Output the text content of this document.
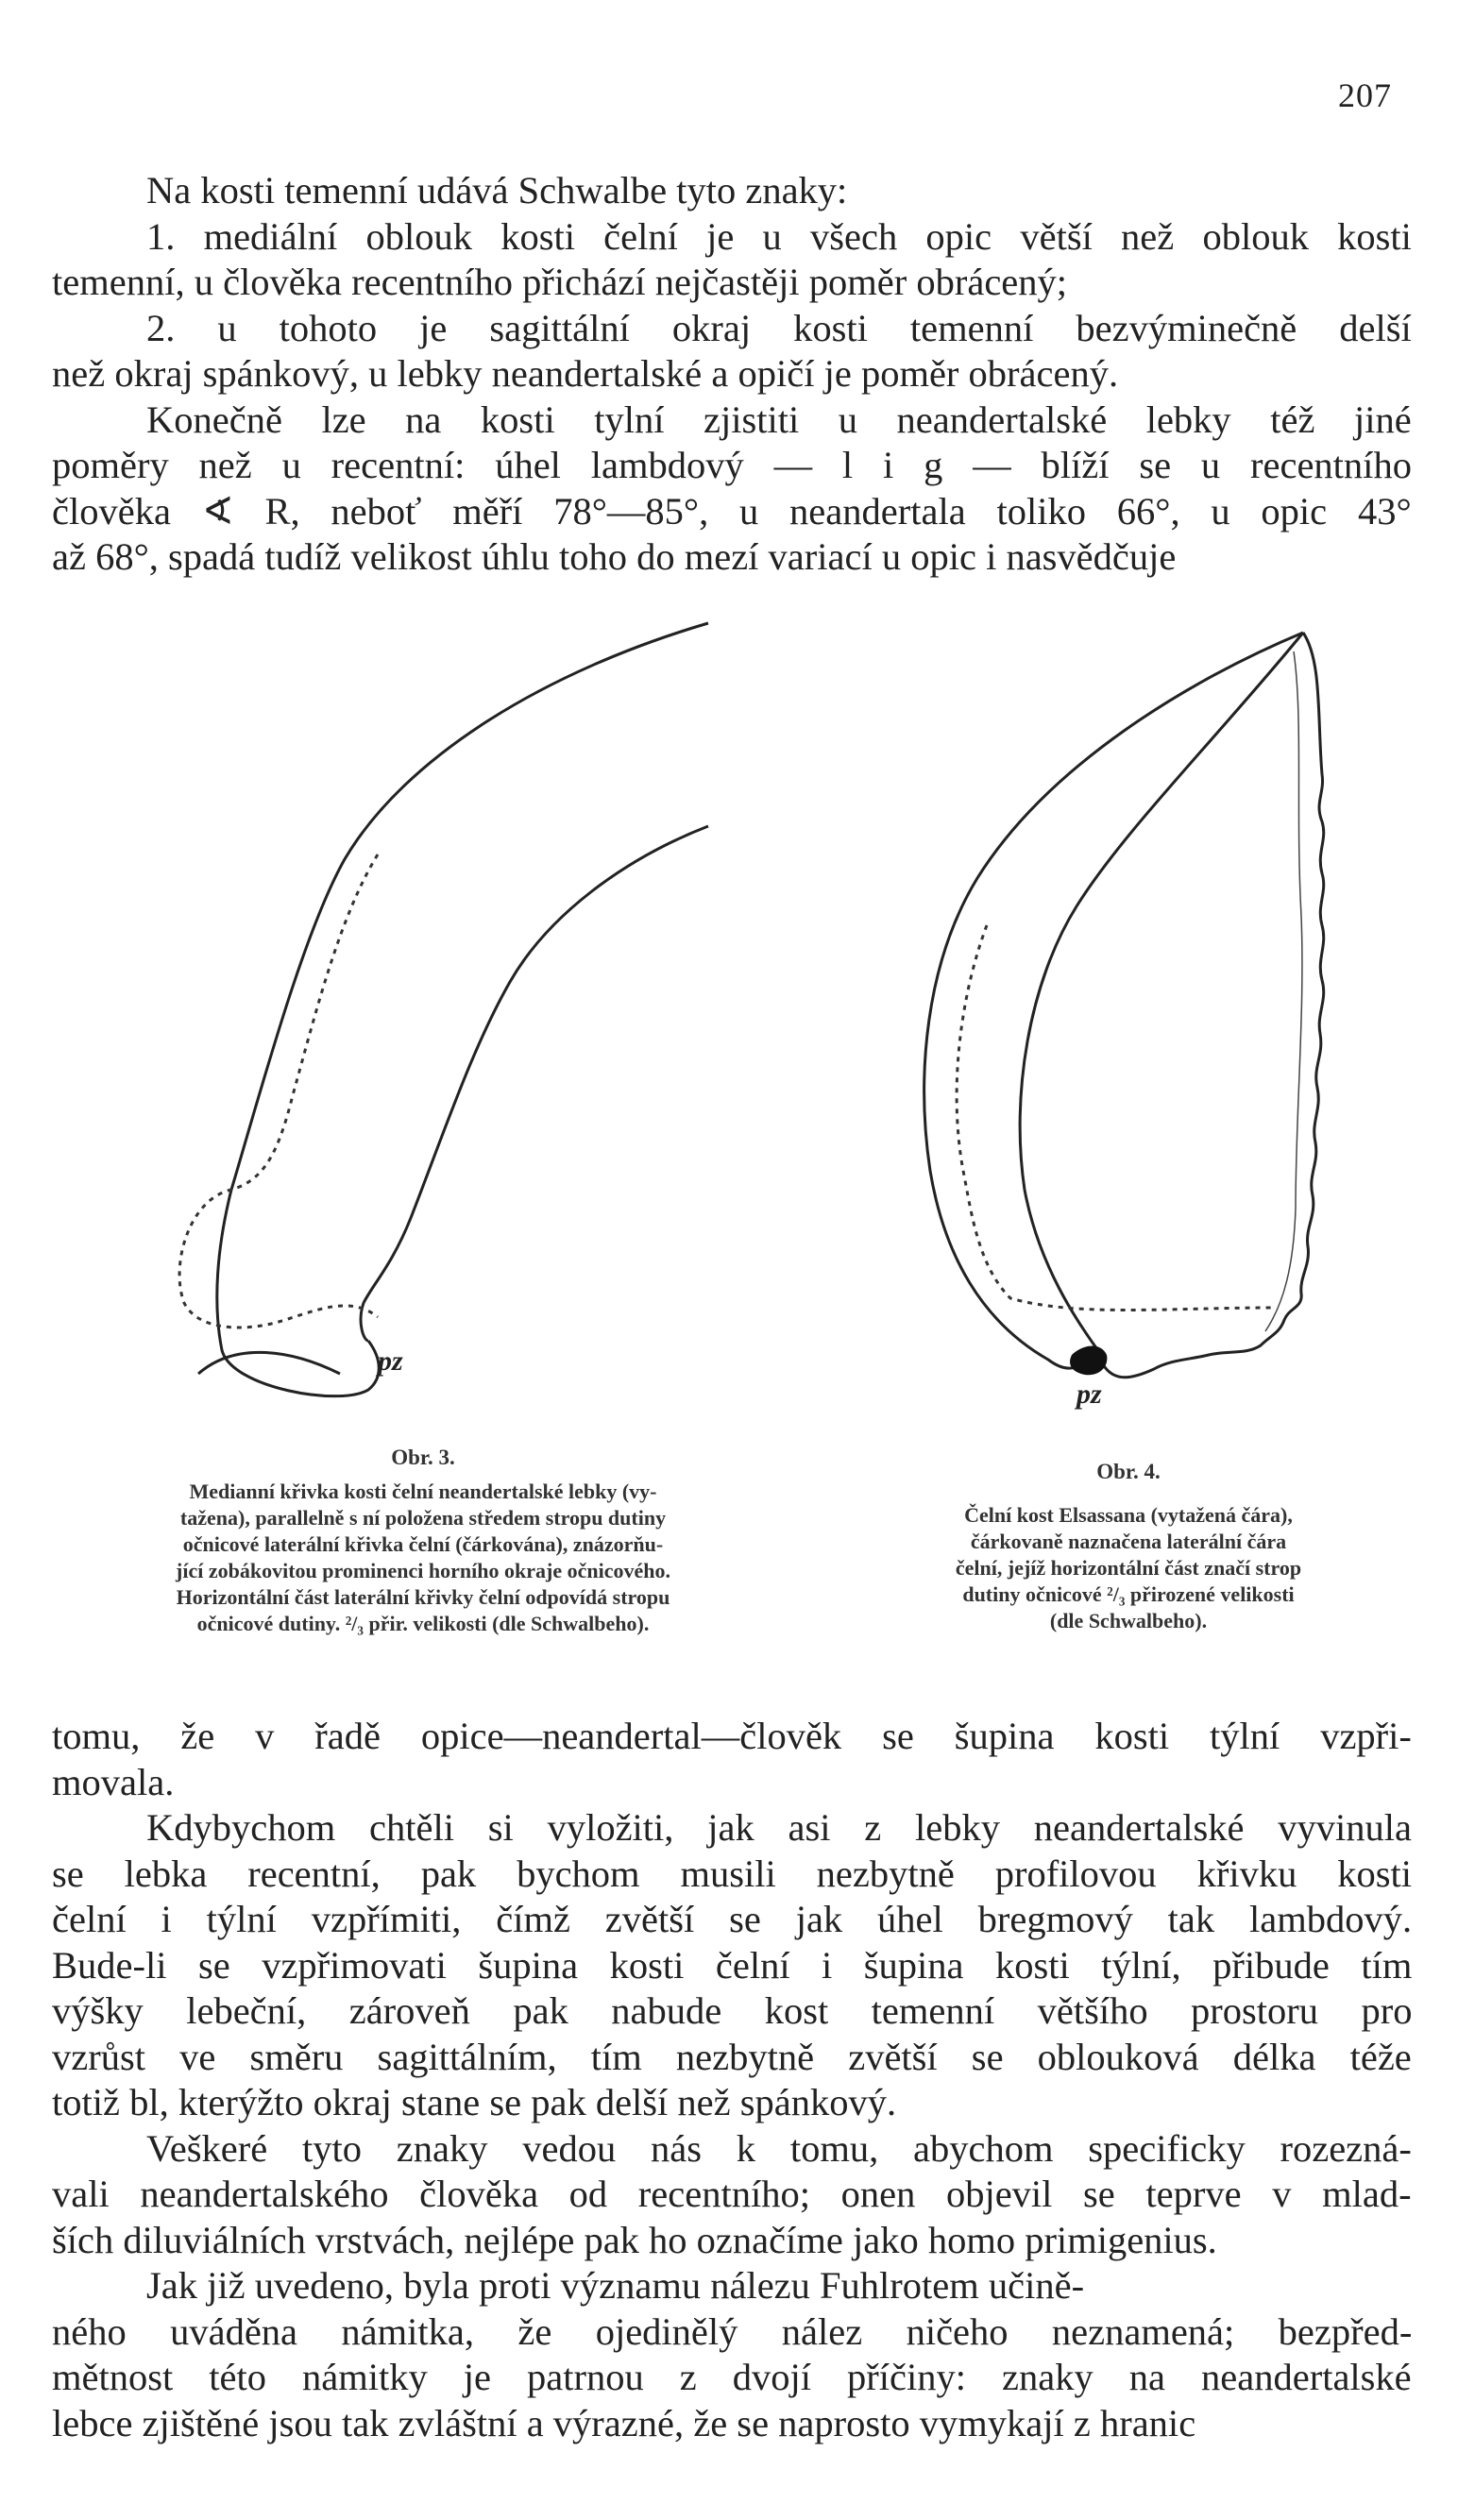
207
Na kosti temenní udává Schwalbe tyto znaky:
1. mediální oblouk kosti čelní je u všech opic větší než oblouk kosti
temenní, u člověka recentního přichází nejčastěji poměr obrácený;
2. u tohoto je sagittální okraj kosti temenní bezvýminečně delší
než okraj spánkový, u lebky neandertalské a opičí je poměr obrácený.
Konečně lze na kosti tylní zjistiti u neandertalské lebky též jiné
poměry než u recentní: úhel lambdový — l i g — blíží se u recentního
člověka ∢ R, neboť měří 78°—85°, u neandertala toliko 66°, u opic 43°
až 68°, spadá tudíž velikost úhlu toho do mezí variací u opic i nasvědčuje
pz
Obr. 3.
Medianní křivka kosti čelní neandertalské lebky (vy-
tažena), parallelně s ní položena středem stropu dutiny
očnicové laterální křivka čelní (čárkována), znázorňu-
jící zobákovitou prominenci horního okraje očnicového.
Horizontální část laterální křivky čelní odpovídá stropu
očnicové dutiny. ²/₃ přir. velikosti (dle Schwalbeho).
pz
Obr. 4.
Čelní kost Elsassana (vytažená čára),
čárkovaně naznačena laterální čára
čelní, jejíž horizontální část značí strop
dutiny očnicové ²/₃ přirozené velikosti
(dle Schwalbeho).
tomu, že v řadě opice—neandertal—člověk se šupina kosti týlní vzpři-
movala.
Kdybychom chtěli si vyložiti, jak asi z lebky neandertalské vyvinula
se lebka recentní, pak bychom musili nezbytně profilovou křivku kosti
čelní i týlní vzpřímiti, čímž zvětší se jak úhel bregmový tak lambdový.
Bude-li se vzpřimovati šupina kosti čelní i šupina kosti týlní, přibude tím
výšky lebeční, zároveň pak nabude kost temenní většího prostoru pro
vzrůst ve směru sagittálním, tím nezbytně zvětší se oblouková délka téže
totiž bl, kterýžto okraj stane se pak delší než spánkový.
Veškeré tyto znaky vedou nás k tomu, abychom specificky rozezná-
vali neandertalského člověka od recentního; onen objevil se teprve v mlad-
ších diluviálních vrstvách, nejlépe pak ho označíme jako homo primigenius.
Jak již uvedeno, byla proti významu nálezu Fuhlrotem učině-
ného uváděna námitka, že ojedinělý nález ničeho neznamená; bezpřed-
mětnost této námitky je patrnou z dvojí příčiny: znaky na neandertalské
lebce zjištěné jsou tak zvláštní a výrazné, že se naprosto vymykají z hranic
